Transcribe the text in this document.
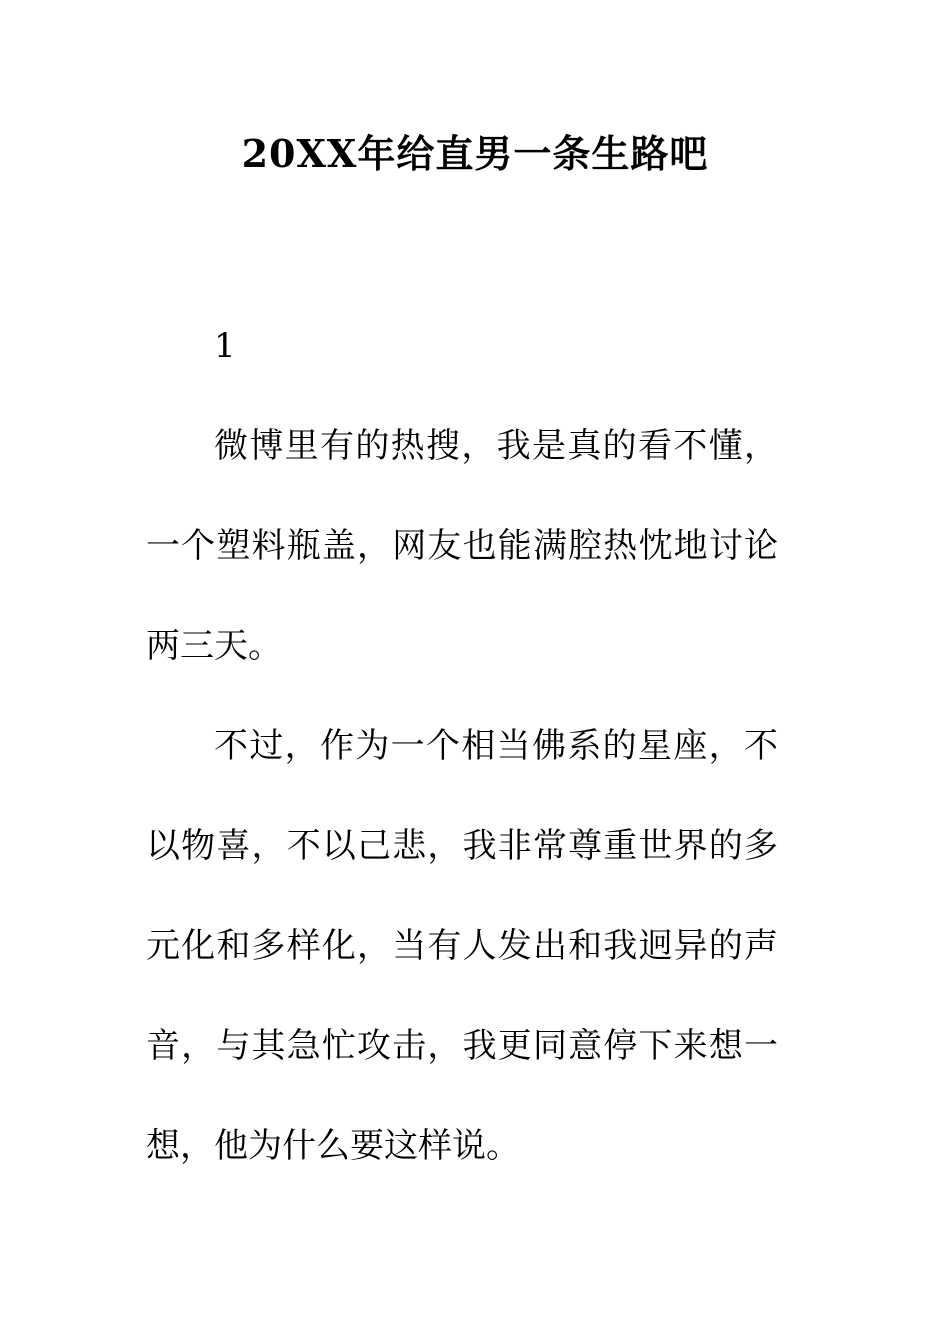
20XX年给直男一条生路吧

1

微博里有的热搜，我是真的看不懂，一个塑料瓶盖，网友也能满腔热忱地讨论两三天。

不过，作为一个相当佛系的星座，不以物喜，不以己悲，我非常尊重世界的多元化和多样化，当有人发出和我迥异的声音，与其急忙攻击，我更同意停下来想一想，他为什么要这样说。
